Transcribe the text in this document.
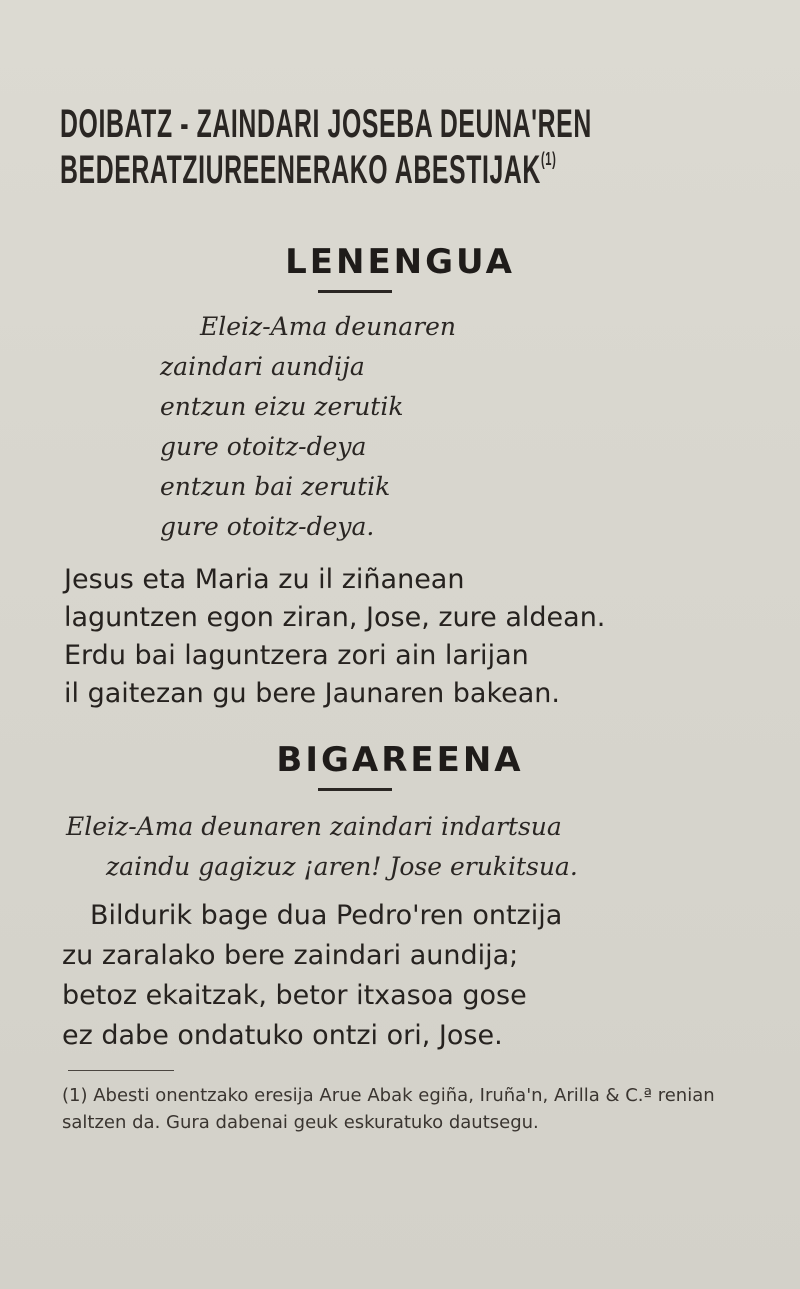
DOIBATZ - ZAINDARI JOSEBA DEUNA'REN
BEDERATZIUREENERAKO ABESTIJAK$^{(1)}$
LENENGUA
Eleiz-Ama deunaren
zaindari aundija
entzun eizu zerutik
gure otoitz-deya
entzun bai zerutik
gure otoitz-deya.
Jesus eta Maria zu il ziñanean
laguntzen egon ziran, Jose, zure aldean.
Erdu bai laguntzera zori ain larijan
il gaitezan gu bere Jaunaren bakean.
BIGAREENA
Eleiz-Ama deunaren zaindari indartsua
zaindu gagizuz ¡aren! Jose erukitsua.
Bildurik bage dua Pedro'ren ontzija
zu zaralako bere zaindari aundija;
betoz ekaitzak, betor itxasoa gose
ez dabe ondatuko ontzi ori, Jose.
(1) Abesti onentzako eresija Arue Abak egiña, Iruña'n, Arilla & C.ª renian saltzen da. Gura dabenai geuk eskuratuko dautsegu.
